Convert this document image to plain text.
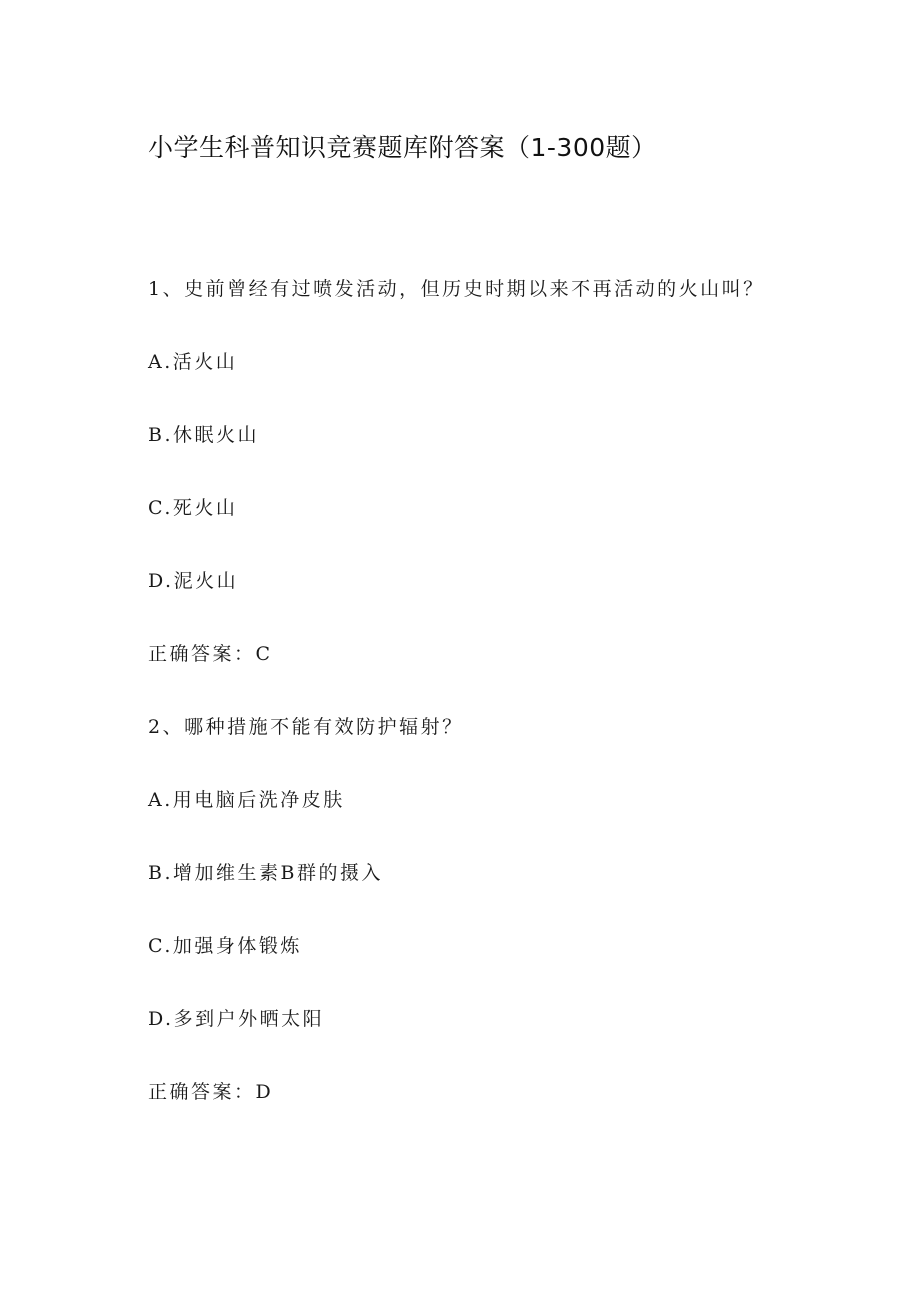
小学生科普知识竞赛题库附答案（1-300题）
1、史前曾经有过喷发活动，但历史时期以来不再活动的火山叫？
A.活火山
B.休眠火山
C.死火山
D.泥火山
正确答案：C
2、哪种措施不能有效防护辐射？
A.用电脑后洗净皮肤
B.增加维生素B群的摄入
C.加强身体锻炼
D.多到户外晒太阳
正确答案：D
